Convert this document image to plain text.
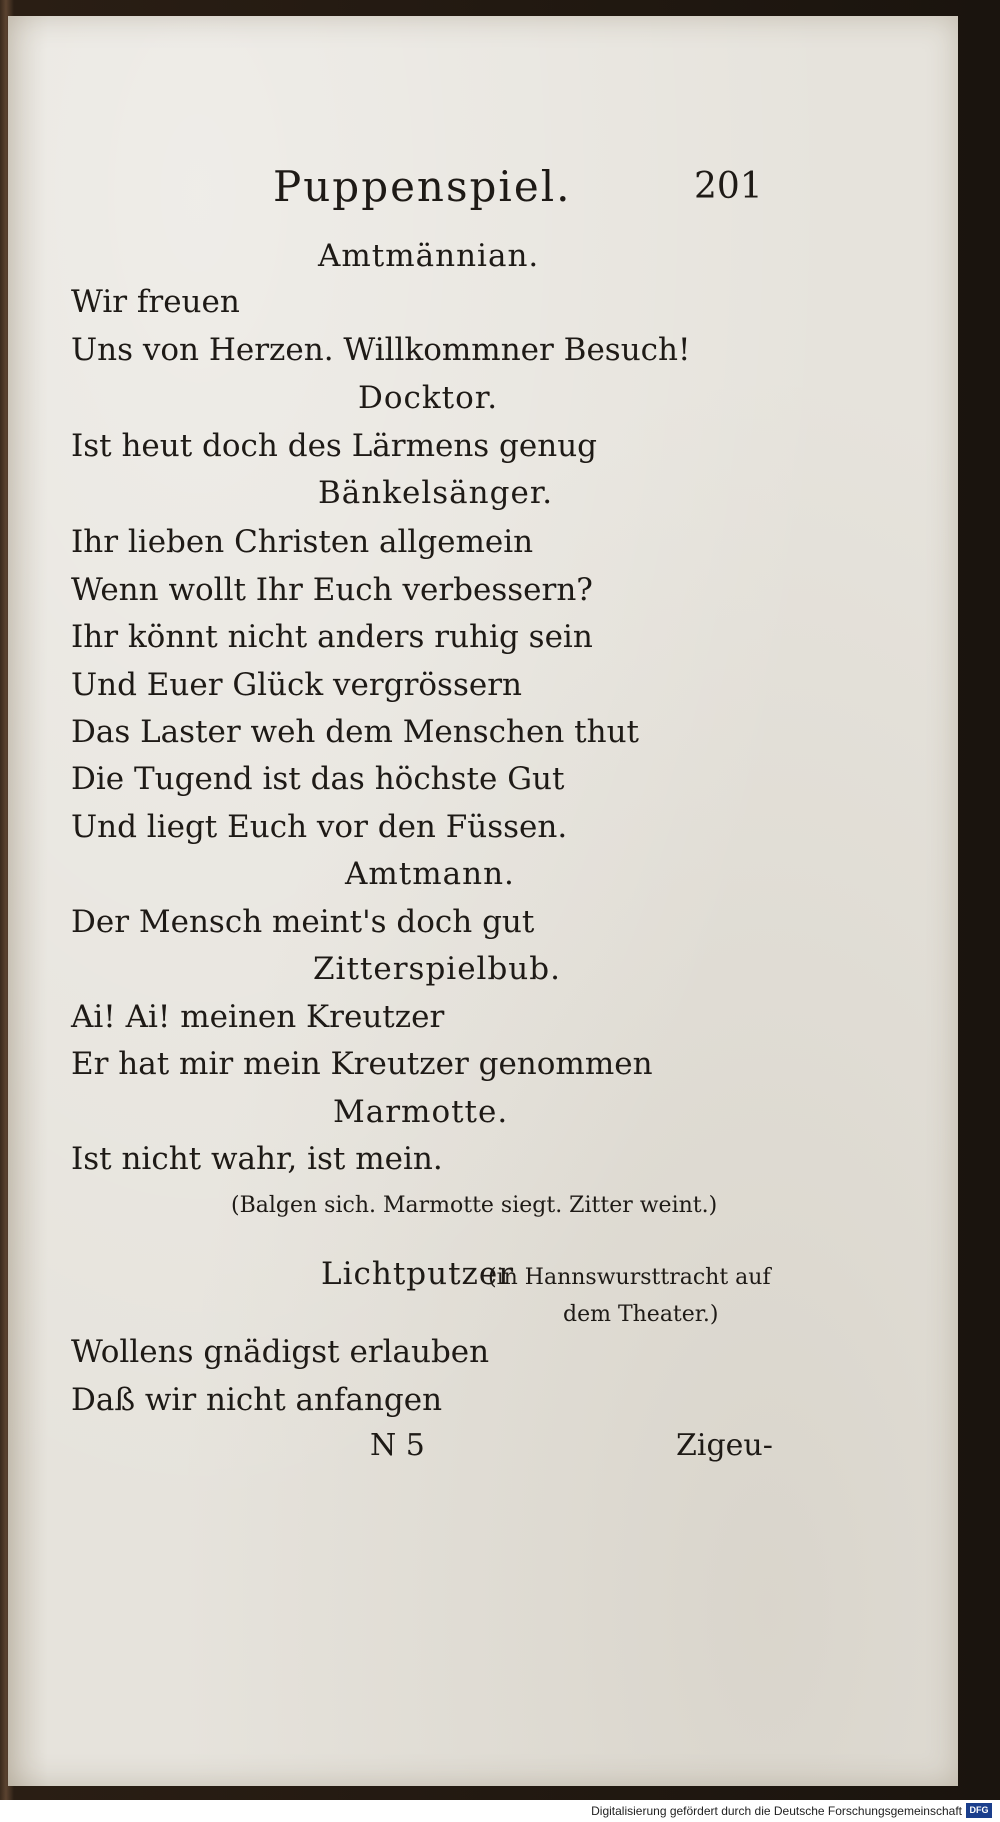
Puppenspiel.	201
Amtmännian.
Wir freuen
Uns von Herzen. Willkommner Besuch!
Docktor.
Ist heut doch des Lärmens genug
Bänkelsänger.
Ihr lieben Christen allgemein
Wenn wollt Ihr Euch verbessern?
Ihr könnt nicht anders ruhig sein
Und Euer Glück vergrössern
Das Laster weh dem Menschen thut
Die Tugend ist das höchste Gut
Und liegt Euch vor den Füssen.
Amtmann.
Der Mensch meint's doch gut
Zitterspielbub.
Ai! Ai! meinen Kreutzer
Er hat mir mein Kreutzer genommen
Marmotte.
Ist nicht wahr, ist mein.
(Balgen sich. Marmotte siegt. Zitter weint.)
Lichtputzer
(in Hannswursttracht auf
dem Theater.)
Wollens gnädigst erlauben
Daß wir nicht anfangen
N 5	Zigeu-
Digitalisierung gefördert durch die Deutsche Forschungsgemeinschaft DFG
